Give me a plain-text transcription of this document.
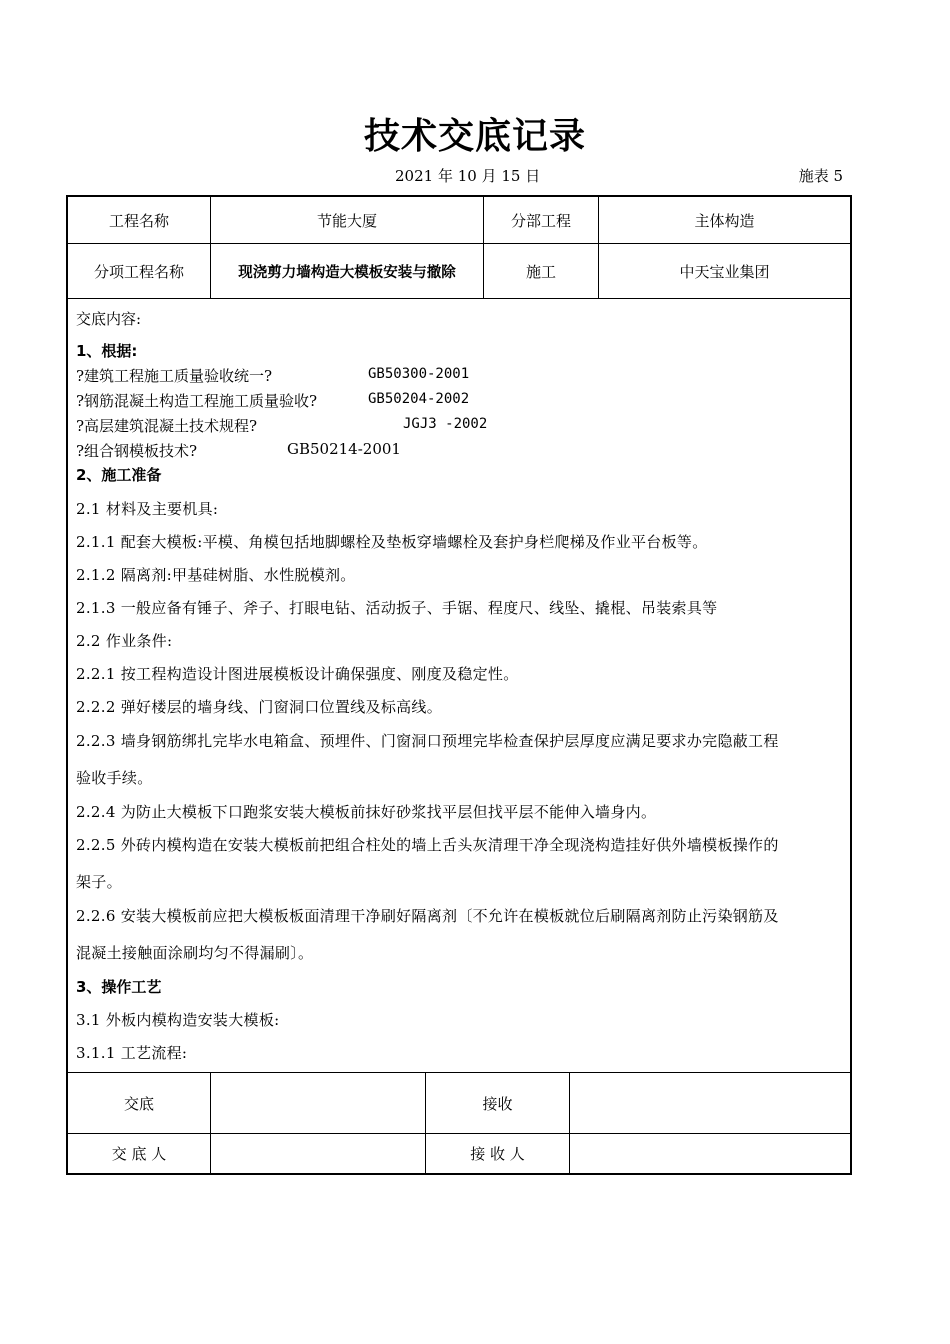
技术交底记录
2021 年 10 月 15 日	施表 5
工程名称	节能大厦	分部工程	主体构造
分项工程名称	现浇剪力墙构造大模板安装与撤除	施工	中天宝业集团
交底内容:
1、根据:
?建筑工程施工质量验收统一?	GB50300-2001
?钢筋混凝土构造工程施工质量验收?	GB50204-2002
?高层建筑混凝土技术规程?	JGJ3 -2002
?组合钢模板技术?	GB50214-2001
2、施工准备
2.1 材料及主要机具:
2.1.1 配套大模板:平模、角模包括地脚螺栓及垫板穿墙螺栓及套护身栏爬梯及作业平台板等。
2.1.2 隔离剂:甲基硅树脂、水性脱模剂。
2.1.3 一般应备有锤子、斧子、打眼电钻、活动扳子、手锯、程度尺、线坠、撬棍、吊装索具等
2.2 作业条件:
2.2.1 按工程构造设计图进展模板设计确保强度、刚度及稳定性。
2.2.2 弹好楼层的墙身线、门窗洞口位置线及标高线。
2.2.3 墙身钢筋绑扎完毕水电箱盒、预埋件、门窗洞口预埋完毕检查保护层厚度应满足要求办完隐蔽工程
验收手续。
2.2.4 为防止大模板下口跑浆安装大模板前抹好砂浆找平层但找平层不能伸入墙身内。
2.2.5 外砖内模构造在安装大模板前把组合柱处的墙上舌头灰清理干净全现浇构造挂好供外墙模板操作的
架子。
2.2.6 安装大模板前应把大模板板面清理干净刷好隔离剂〔不允许在模板就位后刷隔离剂防止污染钢筋及
混凝土接触面涂刷均匀不得漏刷〕。
3、操作工艺
3.1 外板内模构造安装大模板:
3.1.1 工艺流程:
交底	接收
交 底 人	接 收 人
